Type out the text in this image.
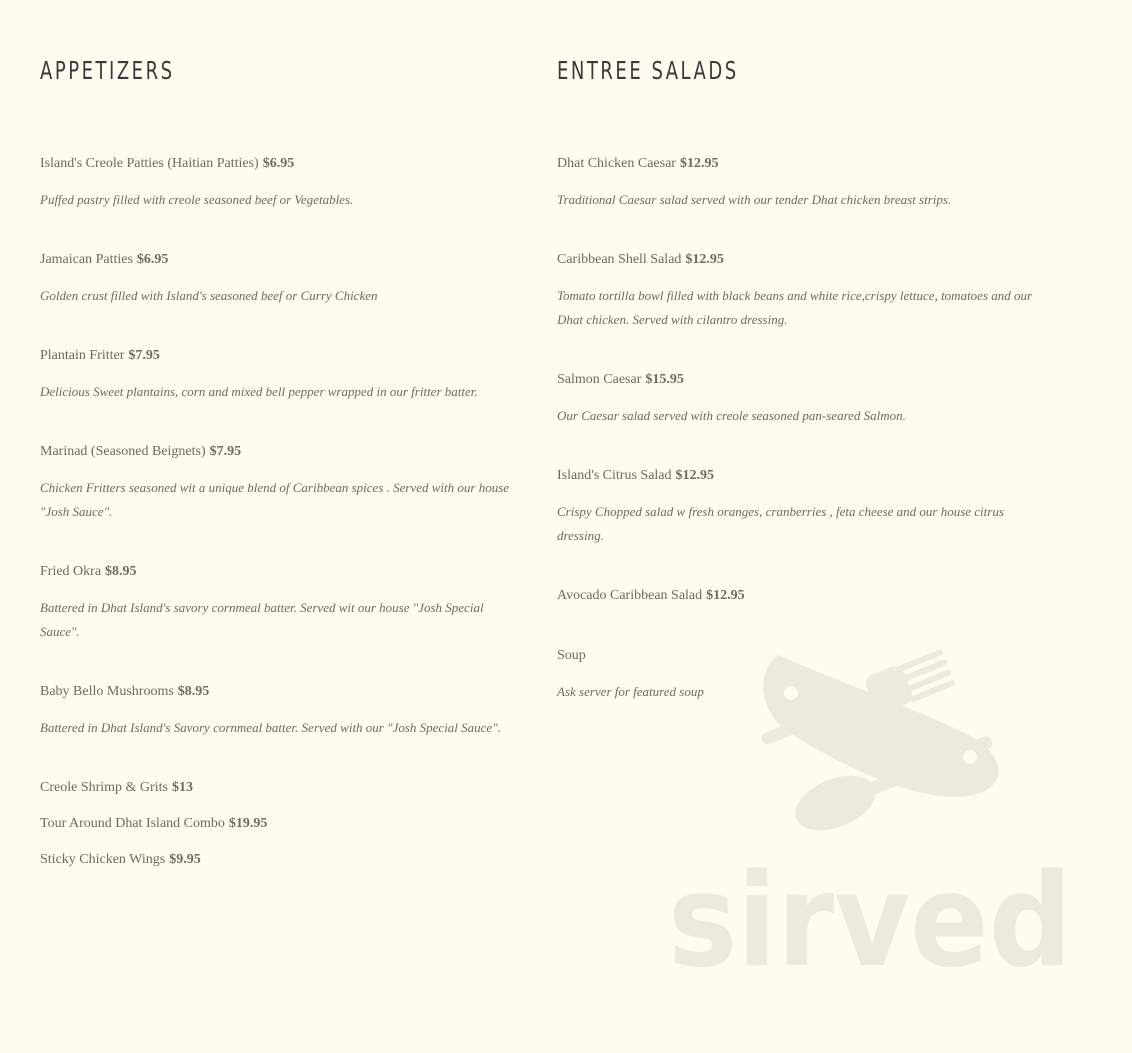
sirved
APPETIZERS
Island's Creole Patties (Haitian Patties) $6.95
Puffed pastry filled with creole seasoned beef or Vegetables.
Jamaican Patties $6.95
Golden crust filled with Island's seasoned beef or Curry Chicken
Plantain Fritter $7.95
Delicious Sweet plantains, corn and mixed bell pepper wrapped in our fritter batter.
Marinad (Seasoned Beignets) $7.95
Chicken Fritters seasoned wit a unique blend of Caribbean spices . Served with our house "Josh Sauce".
Fried Okra $8.95
Battered in Dhat Island's savory cornmeal batter. Served wit our house "Josh Special Sauce".
Baby Bello Mushrooms $8.95
Battered in Dhat Island's Savory cornmeal batter. Served with our "Josh Special Sauce".
Creole Shrimp & Grits $13
Tour Around Dhat Island Combo $19.95
Sticky Chicken Wings $9.95
ENTREE SALADS
Dhat Chicken Caesar $12.95
Traditional Caesar salad served with our tender Dhat chicken breast strips.
Caribbean Shell Salad $12.95
Tomato tortilla bowl filled with black beans and white rice,crispy lettuce, tomatoes and our Dhat chicken. Served with cilantro dressing.
Salmon Caesar $15.95
Our Caesar salad served with creole seasoned pan-seared Salmon.
Island's Citrus Salad $12.95
Crispy Chopped salad w fresh oranges, cranberries , feta cheese and our house citrus dressing.
Avocado Caribbean Salad $12.95
Soup
Ask server for featured soup
